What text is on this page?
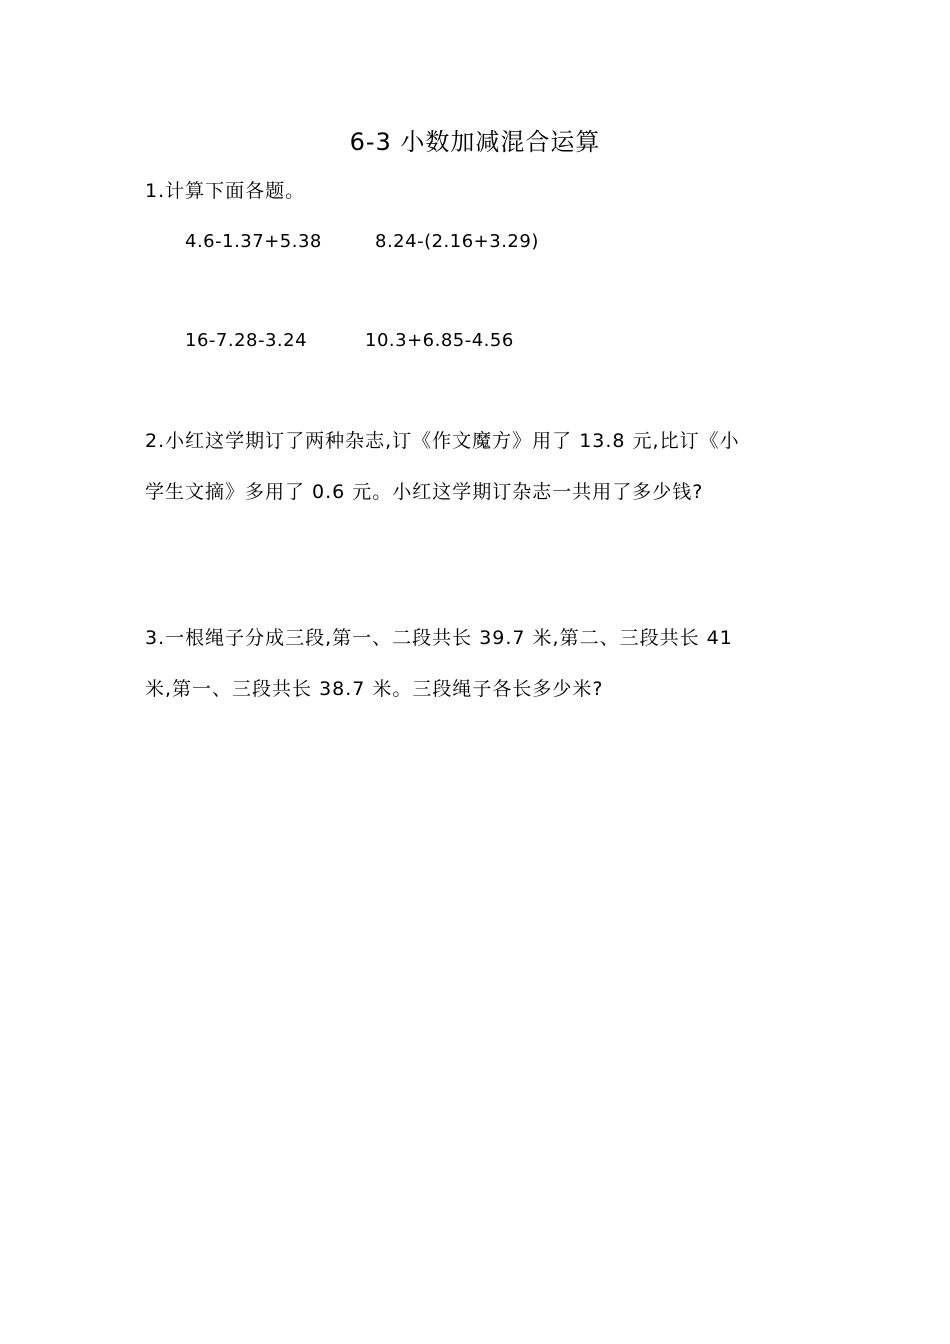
6-3 小数加减混合运算
1.计算下面各题。
4.6-1.37+5.38	8.24-(2.16+3.29)
16-7.28-3.24	10.3+6.85-4.56
2.小红这学期订了两种杂志,订《作文魔方》用了 13.8 元,比订《小
学生文摘》多用了 0.6 元。小红这学期订杂志一共用了多少钱?
3.一根绳子分成三段,第一、二段共长 39.7 米,第二、三段共长 41
米,第一、三段共长 38.7 米。三段绳子各长多少米?
